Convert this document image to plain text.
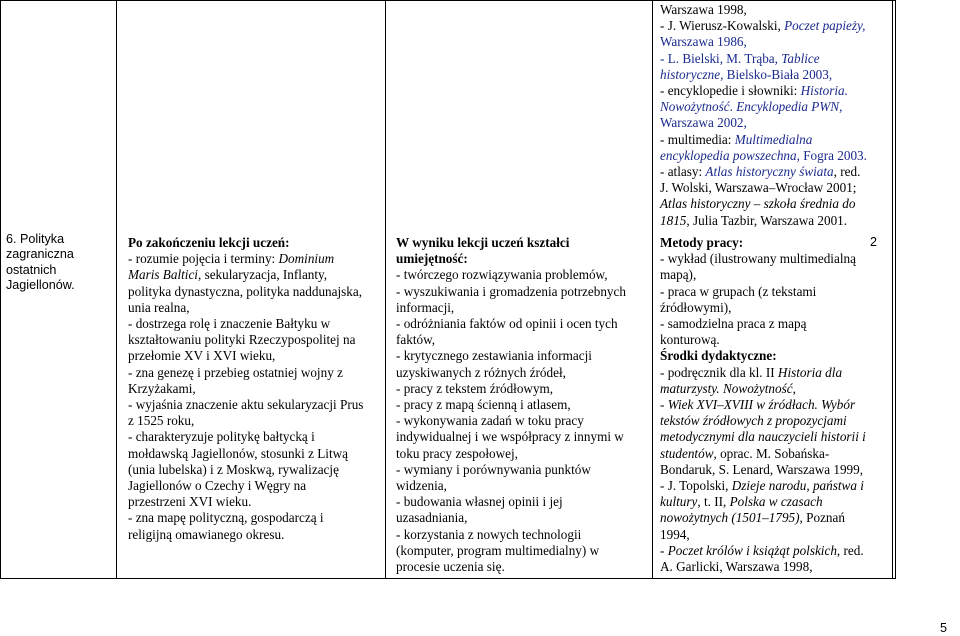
6. Polityka

zagraniczna

ostatnich

Jagiellonów.

Po zakończeniu lekcji uczeń:

- rozumie pojęcia i terminy: Dominium

Maris Baltici, sekularyzacja, Inflanty,

polityka dynastyczna, polityka naddunajska,

unia realna,

- dostrzega rolę i znaczenie Bałtyku w

kształtowaniu polityki Rzeczypospolitej na

przełomie XV i XVI wieku,

- zna genezę i przebieg ostatniej wojny z

Krzyżakami,

- wyjaśnia znaczenie aktu sekularyzacji Prus

z 1525 roku,

- charakteryzuje politykę bałtycką i

mołdawską Jagiellonów, stosunki z Litwą

(unia lubelska) i z Moskwą, rywalizację

Jagiellonów o Czechy i Węgry na

przestrzeni XVI wieku.

- zna mapę polityczną, gospodarczą i

religijną omawianego okresu.

W wyniku lekcji uczeń kształci

umiejętność:

- twórczego rozwiązywania problemów,

- wyszukiwania i gromadzenia potrzebnych

informacji,

- odróżniania faktów od opinii i ocen tych

faktów,

- krytycznego zestawiania informacji

uzyskiwanych z różnych źródeł,

- pracy z tekstem źródłowym,

- pracy z mapą ścienną i atlasem,

- wykonywania zadań w toku pracy

indywidualnej i we współpracy z innymi w

toku pracy zespołowej,

- wymiany i porównywania punktów

widzenia,

- budowania własnej opinii i jej

uzasadniania,

- korzystania z nowych technologii

(komputer, program multimedialny) w

procesie uczenia się.

Warszawa 1998,

- J. Wierusz-Kowalski, Poczet papieży,

Warszawa 1986,

- L. Bielski, M. Trąba, Tablice

historyczne, Bielsko-Biała 2003,

- encyklopedie i słowniki: Historia.

Nowożytność. Encyklopedia PWN,

Warszawa 2002,

- multimedia: Multimedialna

encyklopedia powszechna, Fogra 2003.

- atlasy: Atlas historyczny świata, red.

J. Wolski, Warszawa–Wrocław 2001;

Atlas historyczny – szkoła średnia do

1815, Julia Tazbir, Warszawa 2001.

Metody pracy:

- wykład (ilustrowany multimedialną

mapą),

- praca w grupach (z tekstami

źródłowymi),

- samodzielna praca z mapą

konturową.

Środki dydaktyczne:

- podręcznik dla kl. II Historia dla

maturzysty. Nowożytność,

- Wiek XVI–XVIII w źródłach. Wybór

tekstów źródłowych z propozycjami

metodycznymi dla nauczycieli historii i

studentów, oprac. M. Sobańska-

Bondaruk, S. Lenard, Warszawa 1999,

- J. Topolski, Dzieje narodu, państwa i

kultury, t. II, Polska w czasach

nowożytnych (1501–1795), Poznań

1994,

- Poczet królów i książąt polskich, red.

A. Garlicki, Warszawa 1998,

2

5
